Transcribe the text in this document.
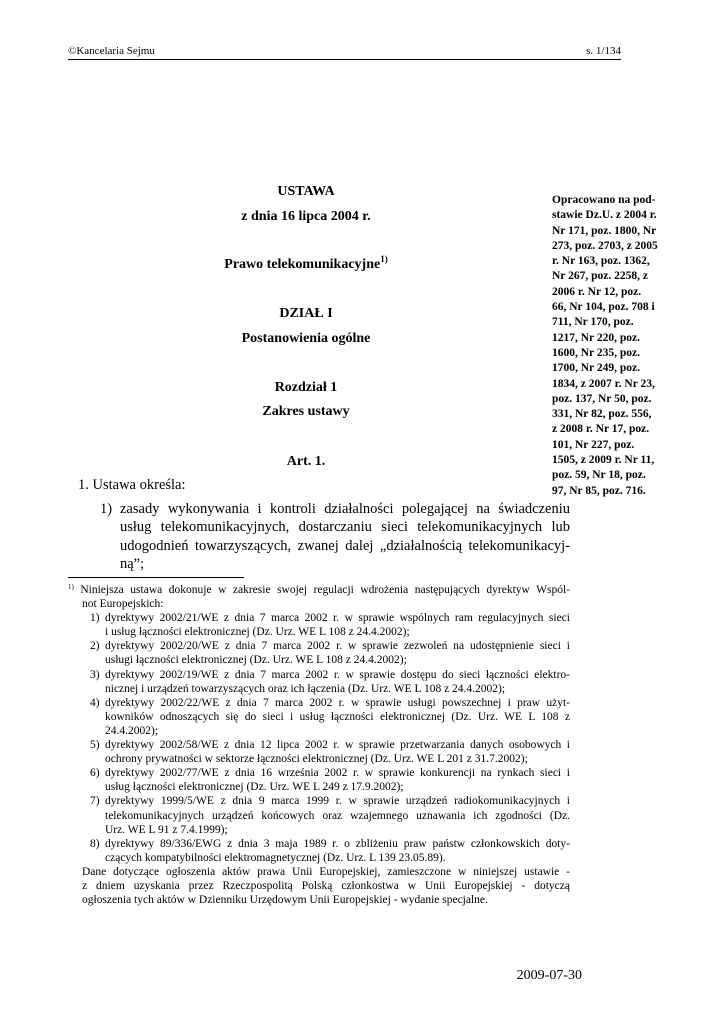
©Kancelaria Sejmu	s. 1/134
USTAWA
z dnia 16 lipca 2004 r.
Prawo telekomunikacyjne$^{1)}$
DZIAŁ I
Postanowienia ogólne
Rozdział 1
Zakres ustawy
Art. 1.
Opracowano na pod-
stawie Dz.U. z 2004 r.
Nr 171, poz. 1800, Nr
273, poz. 2703, z 2005
r. Nr 163, poz. 1362,
Nr 267, poz. 2258, z
2006 r. Nr 12, poz.
66, Nr 104, poz. 708 i
711, Nr 170, poz.
1217, Nr 220, poz.
1600, Nr 235, poz.
1700, Nr 249, poz.
1834, z 2007 r. Nr 23,
poz. 137, Nr 50, poz.
331, Nr 82, poz. 556,
z 2008 r. Nr 17, poz.
101, Nr 227, poz.
1505, z 2009 r. Nr 11,
poz. 59, Nr 18, poz.
97, Nr 85, poz. 716.
1. Ustawa określa:
1) zasady wykonywania i kontroli działalności polegającej na świadczeniu
usług telekomunikacyjnych, dostarczaniu sieci telekomunikacyjnych lub
udogodnień towarzyszących, zwanej dalej „działalnością telekomunikacyj-
ną”;
$^{1)}$ Niniejsza ustawa dokonuje w zakresie swojej regulacji wdrożenia następujących dyrektyw Wspól-
not Europejskich:
1) dyrektywy 2002/21/WE z dnia 7 marca 2002 r. w sprawie wspólnych ram regulacyjnych sieci
i usług łączności elektronicznej (Dz. Urz. WE L 108 z 24.4.2002);
2) dyrektywy 2002/20/WE z dnia 7 marca 2002 r. w sprawie zezwoleń na udostępnienie sieci i
usługi łączności elektronicznej (Dz. Urz. WE L 108 z 24.4.2002);
3) dyrektywy 2002/19/WE z dnia 7 marca 2002 r. w sprawie dostępu do sieci łączności elektro-
nicznej i urządzeń towarzyszących oraz ich łączenia (Dz. Urz. WE L 108 z 24.4.2002);
4) dyrektywy 2002/22/WE z dnia 7 marca 2002 r. w sprawie usługi powszechnej i praw użyt-
kowników odnoszących się do sieci i usług łączności elektronicznej (Dz. Urz. WE L 108 z
24.4.2002);
5) dyrektywy 2002/58/WE z dnia 12 lipca 2002 r. w sprawie przetwarzania danych osobowych i
ochrony prywatności w sektorze łączności elektronicznej (Dz. Urz. WE L 201 z 31.7.2002);
6) dyrektywy 2002/77/WE z dnia 16 września 2002 r. w sprawie konkurencji na rynkach sieci i
usług łączności elektronicznej (Dz. Urz. WE L 249 z 17.9.2002);
7) dyrektywy 1999/5/WE z dnia 9 marca 1999 r. w sprawie urządzeń radiokomunikacyjnych i
telekomunikacyjnych urządzeń końcowych oraz wzajemnego uznawania ich zgodności (Dz.
Urz. WE L 91 z 7.4.1999);
8) dyrektywy 89/336/EWG z dnia 3 maja 1989 r. o zbliżeniu praw państw członkowskich doty-
czących kompatybilności elektromagnetycznej (Dz. Urz. L 139 23.05.89).
Dane dotyczące ogłoszenia aktów prawa Unii Europejskiej, zamieszczone w niniejszej ustawie -
z dniem uzyskania przez Rzeczpospolitą Polską członkostwa w Unii Europejskiej - dotyczą
ogłoszenia tych aktów w Dzienniku Urzędowym Unii Europejskiej - wydanie specjalne.
2009-07-30
